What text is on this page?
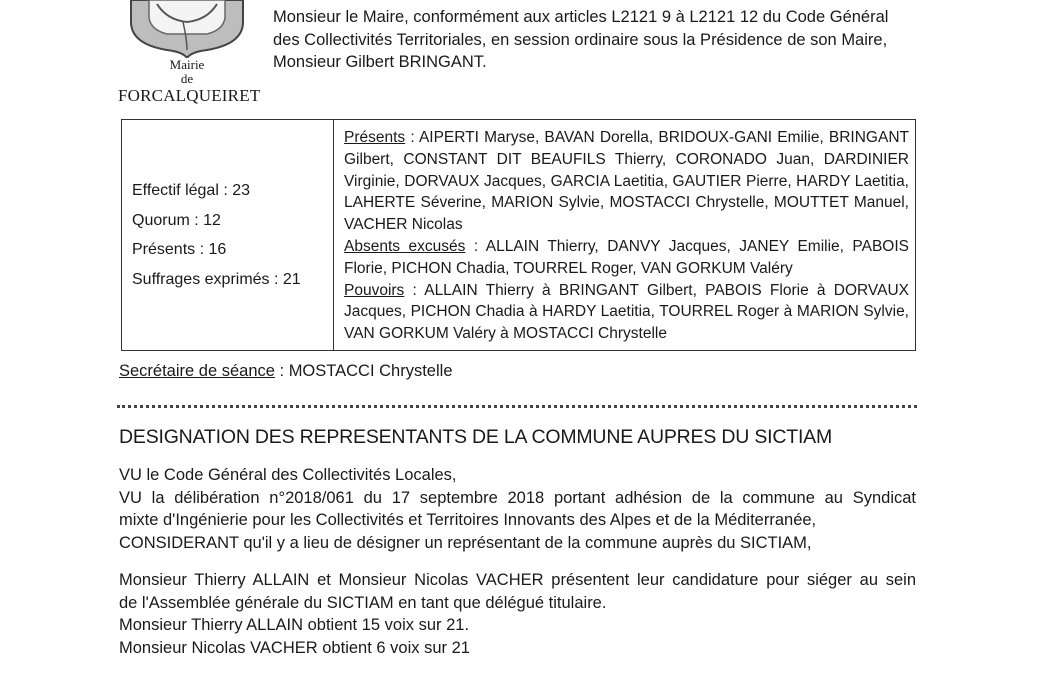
Mairie
de
FORCALQUEIRET
Monsieur le Maire, conformément aux articles L2121 9 à L2121 12 du Code Général
des Collectivités Territoriales, en session ordinaire sous la Présidence de son Maire,
Monsieur Gilbert BRINGANT.
Effectif légal : 23
Quorum : 12
Présents : 16
Suffrages exprimés : 21

Présents : AIPERTI Maryse, BAVAN Dorella, BRIDOUX-GANI Emilie, BRINGANT Gilbert, CONSTANT DIT BEAUFILS Thierry, CORONADO Juan, DARDINIER Virginie, DORVAUX Jacques, GARCIA Laetitia, GAUTIER Pierre, HARDY Laetitia, LAHERTE Séverine, MARION Sylvie, MOSTACCI Chrystelle, MOUTTET Manuel, VACHER Nicolas

Absents excusés : ALLAIN Thierry, DANVY Jacques, JANEY Emilie, PABOIS Florie, PICHON Chadia, TOURREL Roger, VAN GORKUM Valéry

Pouvoirs : ALLAIN Thierry à BRINGANT Gilbert, PABOIS Florie à DORVAUX Jacques, PICHON Chadia à HARDY Laetitia, TOURREL Roger à MARION Sylvie, VAN GORKUM Valéry à MOSTACCI Chrystelle

Secrétaire de séance : MOSTACCI Chrystelle
DESIGNATION DES REPRESENTANTS DE LA COMMUNE AUPRES DU SICTIAM
VU le Code Général des Collectivités Locales,
VU la délibération n°2018/061 du 17 septembre 2018 portant adhésion de la commune au Syndicat
mixte d'Ingénierie pour les Collectivités et Territoires Innovants des Alpes et de la Méditerranée,
CONSIDERANT qu'il y a lieu de désigner un représentant de la commune auprès du SICTIAM,
Monsieur Thierry ALLAIN et Monsieur Nicolas VACHER présentent leur candidature pour siéger au sein
de l'Assemblée générale du SICTIAM en tant que délégué titulaire.
Monsieur Thierry ALLAIN obtient 15 voix sur 21.
Monsieur Nicolas VACHER obtient 6 voix sur 21
